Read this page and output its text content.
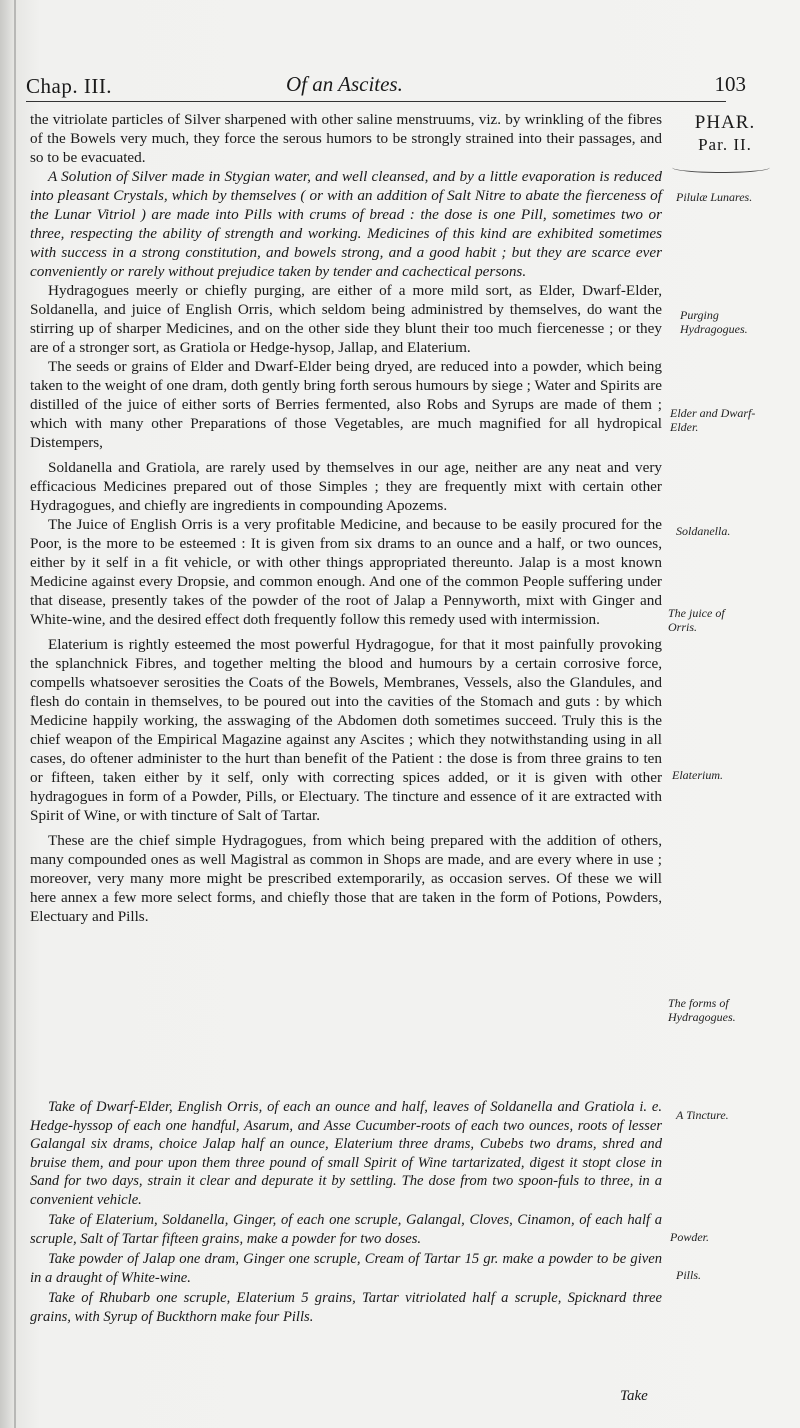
Chap. III.	Of an Ascites.	103
PHAR.
Par. II.

the vitriolate particles of Silver sharpened with other saline menstruums, viz. by wrinkling of the fibres of the Bowels very much, they force the serous humors to be strongly strained into their passages, and so to be evacuated.

A Solution of Silver made in Stygian water, and well cleansed, and by a little evaporation is reduced into pleasant Crystals, which by themselves ( or with an addition of Salt Nitre to abate the fierceness of the Lunar Vitriol ) are made into Pills with crums of bread : the dose is one Pill, sometimes two or three, respecting the ability of strength and working. Medicines of this kind are exhibited sometimes with success in a strong constitution, and bowels strong, and a good habit ; but they are scarce ever conveniently or rarely without prejudice taken by tender and cachectical persons.

Hydragogues meerly or chiefly purging, are either of a more mild sort, as Elder, Dwarf-Elder, Soldanella, and juice of English Orris, which seldom being administred by themselves, do want the stirring up of sharper Medicines, and on the other side they blunt their too much fiercenesse ; or they are of a stronger sort, as Gratiola or Hedge-hysop, Jallap, and Elaterium.

The seeds or grains of Elder and Dwarf-Elder being dryed, are reduced into a powder, which being taken to the weight of one dram, doth gently bring forth serous humours by siege ; Water and Spirits are distilled of the juice of either sorts of Berries fermented, also Robs and Syrups are made of them ; which with many other Preparations of those Vegetables, are much magnified for all hydropical Distempers,

Soldanella and Gratiola, are rarely used by themselves in our age, neither are any neat and very efficacious Medicines prepared out of those Simples ; they are frequently mixt with certain other Hydragogues, and chiefly are ingredients in compounding Apozems.

The Juice of English Orris is a very profitable Medicine, and because to be easily procured for the Poor, is the more to be esteemed : It is given from six drams to an ounce and a half, or two ounces, either by it self in a fit vehicle, or with other things appropriated thereunto. Jalap is a most known Medicine against every Dropsie, and common enough. And one of the common People suffering under that disease, presently takes of the powder of the root of Jalap a Pennyworth, mixt with Ginger and White-wine, and the desired effect doth frequently follow this remedy used with intermission.

Elaterium is rightly esteemed the most powerful Hydragogue, for that it most painfully provoking the splanchnick Fibres, and together melting the blood and humours by a certain corrosive force, compells whatsoever serosities the Coats of the Bowels, Membranes, Vessels, also the Glandules, and flesh do contain in themselves, to be poured out into the cavities of the Stomach and guts : by which Medicine happily working, the asswaging of the Abdomen doth sometimes succeed. Truly this is the chief weapon of the Empirical Magazine against any Ascites ; which they notwithstanding using in all cases, do oftener administer to the hurt than benefit of the Patient : the dose is from three grains to ten or fifteen, taken either by it self, only with correcting spices added, or it is given with other hydragogues in form of a Powder, Pills, or Electuary. The tincture and essence of it are extracted with Spirit of Wine, or with tincture of Salt of Tartar.

These are the chief simple Hydragogues, from which being prepared with the addition of others, many compounded ones as well Magistral as common in Shops are made, and are every where in use ; moreover, very many more might be prescribed extemporarily, as occasion serves. Of these we will here annex a few more select forms, and chiefly those that are taken in the form of Potions, Powders, Electuary and Pills.

Pilulæ Lunares.
Purging Hydragogues.
Elder and Dwarf-Elder.
Soldanella.
The juice of Orris.
Elaterium.
The forms of Hydragogues.
A Tincture.
Powder.
Pills.

Take of Dwarf-Elder, English Orris, of each an ounce and half, leaves of Soldanella and Gratiola i. e. Hedge-hyssop of each one handful, Asarum, and Asse Cucumber-roots of each two ounces, roots of lesser Galangal six drams, choice Jalap half an ounce, Elaterium three drams, Cubebs two drams, shred and bruise them, and pour upon them three pound of small Spirit of Wine tartarizated, digest it stopt close in Sand for two days, strain it clear and depurate it by settling. The dose from two spoon-fuls to three, in a convenient vehicle.

Take of Elaterium, Soldanella, Ginger, of each one scruple, Galangal, Cloves, Cinamon, of each half a scruple, Salt of Tartar fifteen grains, make a powder for two doses.

Take powder of Jalap one dram, Ginger one scruple, Cream of Tartar 15 gr. make a powder to be given in a draught of White-wine.

Take of Rhubarb one scruple, Elaterium 5 grains, Tartar vitriolated half a scruple, Spicknard three grains, with Syrup of Buckthorn make four Pills.

Take
